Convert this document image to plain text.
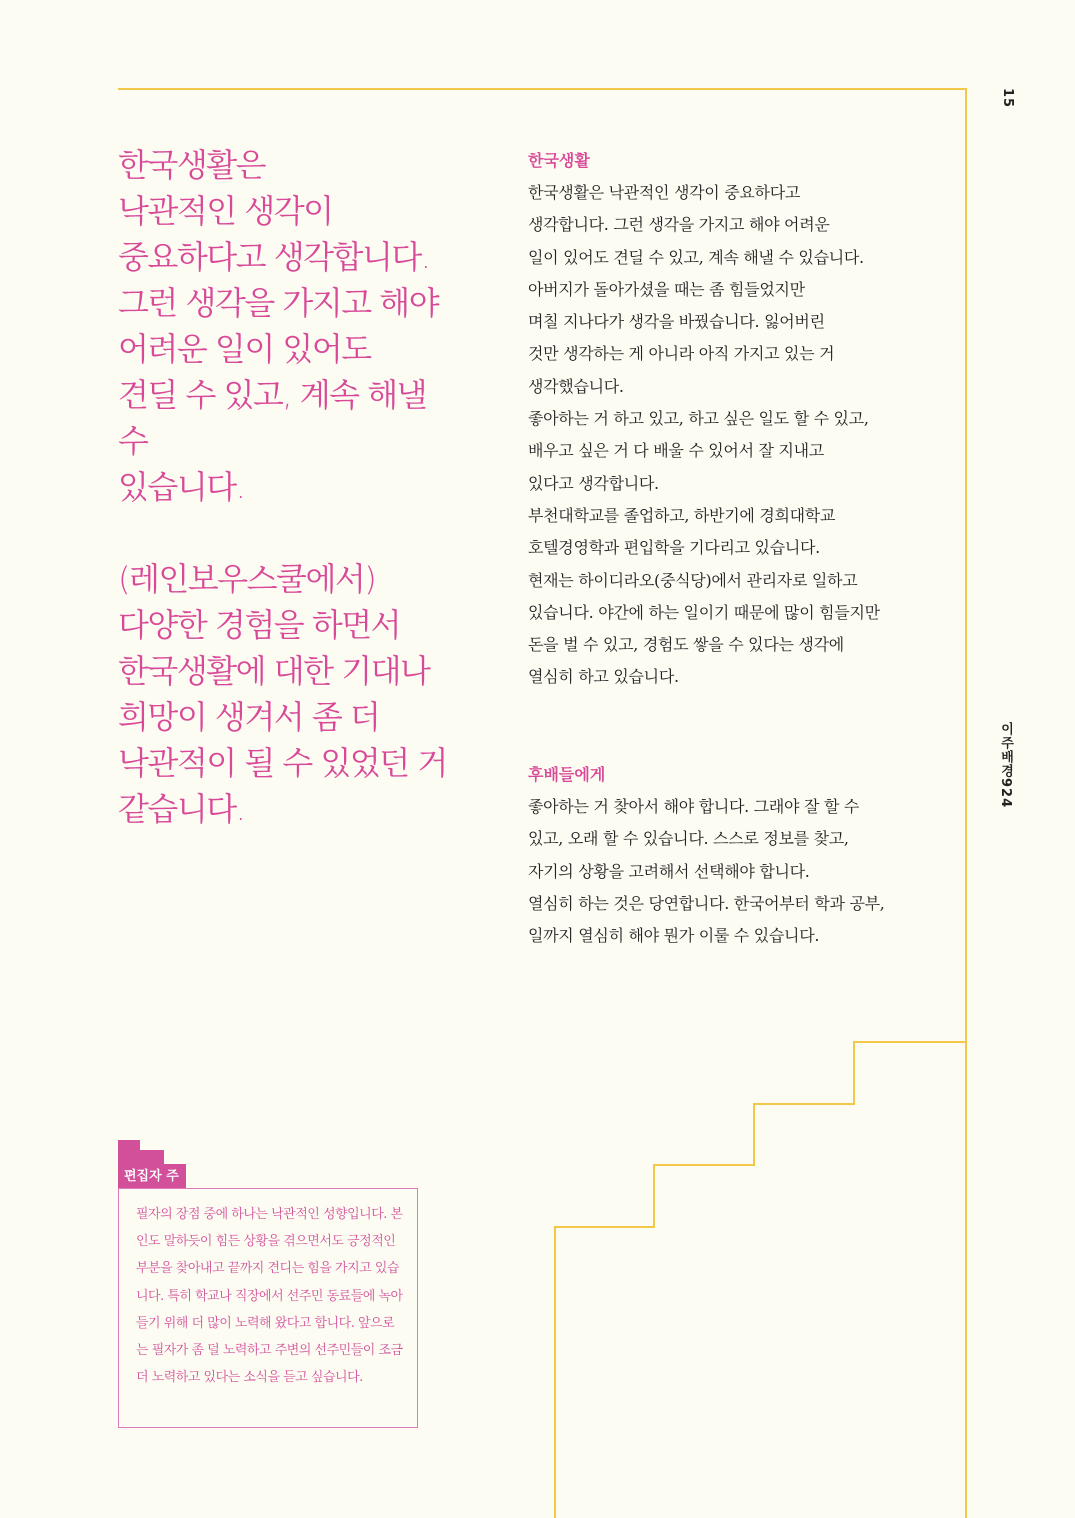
15
이주배경924

한국생활은
낙관적인 생각이
중요하다고 생각합니다.
그런 생각을 가지고 해야
어려운 일이 있어도
견딜 수 있고, 계속 해낼 수
있습니다.

(레인보우스쿨에서)
다양한 경험을 하면서
한국생활에 대한 기대나
희망이 생겨서 좀 더
낙관적이 될 수 있었던 거
같습니다.

한국생활
한국생활은 낙관적인 생각이 중요하다고
생각합니다. 그런 생각을 가지고 해야 어려운
일이 있어도 견딜 수 있고, 계속 해낼 수 있습니다.
아버지가 돌아가셨을 때는 좀 힘들었지만
며칠 지나다가 생각을 바꿨습니다. 잃어버린
것만 생각하는 게 아니라 아직 가지고 있는 거
생각했습니다.
좋아하는 거 하고 있고, 하고 싶은 일도 할 수 있고,
배우고 싶은 거 다 배울 수 있어서 잘 지내고
있다고 생각합니다.
부천대학교를 졸업하고, 하반기에 경희대학교
호텔경영학과 편입학을 기다리고 있습니다.
현재는 하이디라오(중식당)에서 관리자로 일하고
있습니다. 야간에 하는 일이기 때문에 많이 힘들지만
돈을 벌 수 있고, 경험도 쌓을 수 있다는 생각에
열심히 하고 있습니다.
후배들에게
좋아하는 거 찾아서 해야 합니다. 그래야 잘 할 수
있고, 오래 할 수 있습니다. 스스로 정보를 찾고,
자기의 상황을 고려해서 선택해야 합니다.
열심히 하는 것은 당연합니다. 한국어부터 학과 공부,
일까지 열심히 해야 뭔가 이룰 수 있습니다.
편집자 주
필자의 장점 중에 하나는 낙관적인 성향입니다. 본인도 말하듯이 힘든 상황을 겪으면서도 긍정적인 부분을 찾아내고 끝까지 견디는 힘을 가지고 있습니다. 특히 학교나 직장에서 선주민 동료들에 녹아들기 위해 더 많이 노력해 왔다고 합니다. 앞으로는 필자가 좀 덜 노력하고 주변의 선주민들이 조금 더 노력하고 있다는 소식을 듣고 싶습니다.
